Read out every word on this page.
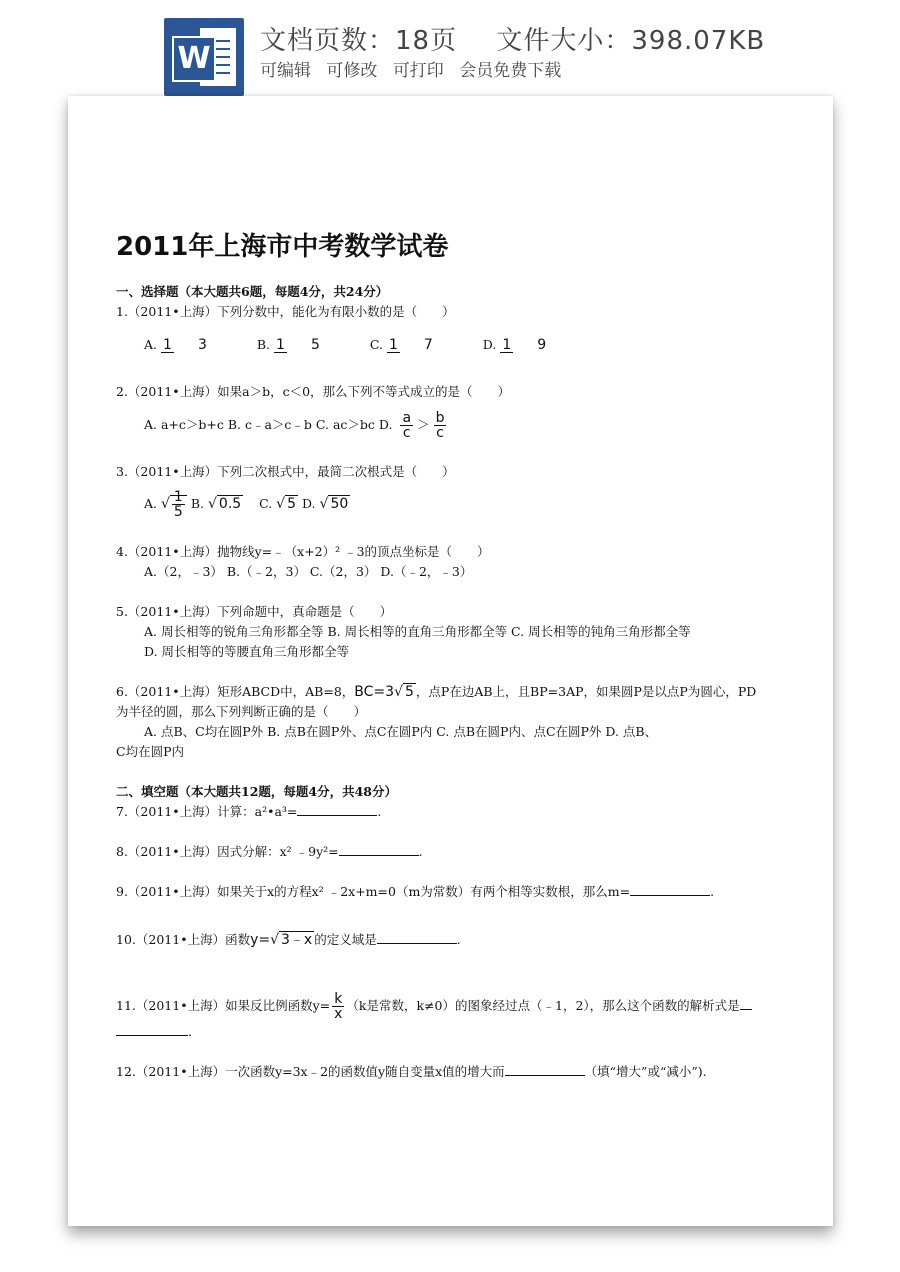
W 文档页数：18页 文件大小：398.07KB
可编辑 可修改 可打印 会员免费下载
2011年上海市中考数学试卷
一、选择题（本大题共6题，每题4分，共24分）
1.（2011•上海）下列分数中，能化为有限小数的是（　　）
A. 1 3	B. 1 5	C. 1 7	D. 1 9
2.（2011•上海）如果a＞b，c＜0，那么下列不等式成立的是（　　）
A. a+c＞b+c B. c﹣a＞c﹣b C. ac＞bc D. $\frac{a}{c} > \frac{b}{c}$
3.（2011•上海）下列二次根式中，最简二次根式是（　　）
A. √ $\frac{1}{5} B$. √ 0.5 C. √ 5 D. √ 50
4.（2011•上海）抛物线y=﹣（x+2）² ﹣3的顶点坐标是（　　）
A.（2，﹣3） B.（﹣2，3） C.（2，3） D.（﹣2，﹣3）
5.（2011•上海）下列命题中，真命题是（　　）
A. 周长相等的锐角三角形都全等 B. 周长相等的直角三角形都全等 C. 周长相等的钝角三角形都全等
D. 周长相等的等腰直角三角形都全等
6.（2011•上海）矩形ABCD中，AB=8，BC=3√ 5 ，点P在边AB上，且BP=3AP，如果圆P是以点P为圆心，PD
为半径的圆，那么下列判断正确的是（　　）
A. 点B、C均在圆P外 B. 点B在圆P外、点C在圆P内 C. 点B在圆P内、点C在圆P外 D. 点B、
C均在圆P内
二、填空题（本大题共12题，每题4分，共48分）
7.（2011•上海）计算：a²•a³=	.
8.（2011•上海）因式分解：x² ﹣9y²=	.
9.（2011•上海）如果关于x的方程x² ﹣2x+m=0（m为常数）有两个相等实数根，那么m=	.
10.（2011•上海）函数y=√ 3﹣x 的定义域是	.
11.（2011•上海）如果反比例函数$y= \frac{k}{x} (k$是常数，k≠0）的图象经过点（﹣1，2），那么这个函数的解析式是
.
12.（2011•上海）一次函数y=3x﹣2的函数值y随自变量x值的增大而	（填“增大”或“减小”).
